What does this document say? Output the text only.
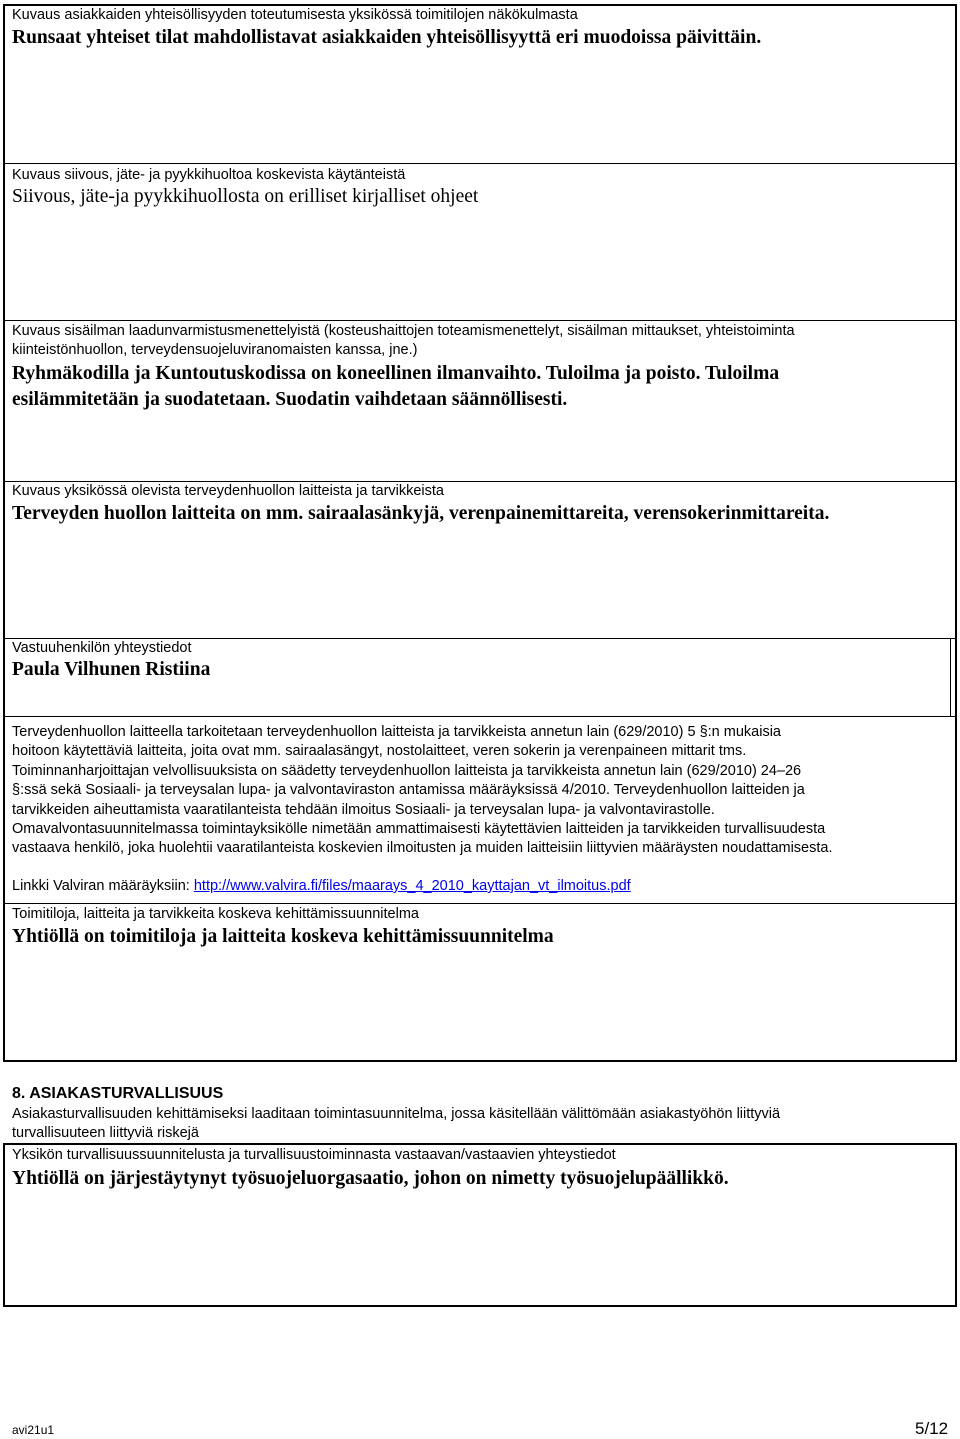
Kuvaus asiakkaiden yhteisöllisyyden toteutumisesta yksikössä toimitilojen näkökulmasta
Runsaat yhteiset tilat mahdollistavat asiakkaiden yhteisöllisyyttä eri muodoissa päivittäin.
Kuvaus siivous, jäte- ja pyykkihuoltoa koskevista käytänteistä
Siivous, jäte-ja pyykkihuollosta on erilliset kirjalliset ohjeet
Kuvaus sisäilman laadunvarmistusmenettelyistä (kosteushaittojen toteamismenettelyt, sisäilman mittaukset, yhteistoiminta
kiinteistönhuollon, terveydensuojeluviranomaisten kanssa, jne.)
Ryhmäkodilla ja Kuntoutuskodissa on koneellinen ilmanvaihto. Tuloilma ja poisto. Tuloilma
esilämmitetään ja suodatetaan. Suodatin vaihdetaan säännöllisesti.
Kuvaus yksikössä olevista terveydenhuollon laitteista ja tarvikkeista
Terveyden huollon laitteita on mm. sairaalasänkyjä, verenpainemittareita, verensokerinmittareita.
Vastuuhenkilön yhteystiedot
Paula Vilhunen Ristiina
Terveydenhuollon laitteella tarkoitetaan terveydenhuollon laitteista ja tarvikkeista annetun lain (629/2010) 5 §:n mukaisia
hoitoon käytettäviä laitteita, joita ovat mm. sairaalasängyt, nostolaitteet, veren sokerin ja verenpaineen mittarit tms.
Toiminnanharjoittajan velvollisuuksista on säädetty terveydenhuollon laitteista ja tarvikkeista annetun lain (629/2010) 24–26
§:ssä sekä Sosiaali- ja terveysalan lupa- ja valvontaviraston antamissa määräyksissä 4/2010. Terveydenhuollon laitteiden ja
tarvikkeiden aiheuttamista vaaratilanteista tehdään ilmoitus Sosiaali- ja terveysalan lupa- ja valvontavirastolle.
Omavalvontasuunnitelmassa toimintayksikölle nimetään ammattimaisesti käytettävien laitteiden ja tarvikkeiden turvallisuudesta
vastaava henkilö, joka huolehtii vaaratilanteista koskevien ilmoitusten ja muiden laitteisiin liittyvien määräysten noudattamisesta.
Linkki Valviran määräyksiin: http://www.valvira.fi/files/maarays_4_2010_kayttajan_vt_ilmoitus.pdf
Toimitiloja, laitteita ja tarvikkeita koskeva kehittämissuunnitelma
Yhtiöllä on toimitiloja ja laitteita koskeva kehittämissuunnitelma
8. ASIAKASTURVALLISUUS
Asiakasturvallisuuden kehittämiseksi laaditaan toimintasuunnitelma, jossa käsitellään välittömään asiakastyöhön liittyviä
turvallisuuteen liittyviä riskejä
Yksikön turvallisuussuunnitelusta ja turvallisuustoiminnasta vastaavan/vastaavien yhteystiedot
Yhtiöllä on järjestäytynyt työsuojeluorgasaatio, johon on nimetty työsuojelupäällikkö.
avi21u1	5/12
